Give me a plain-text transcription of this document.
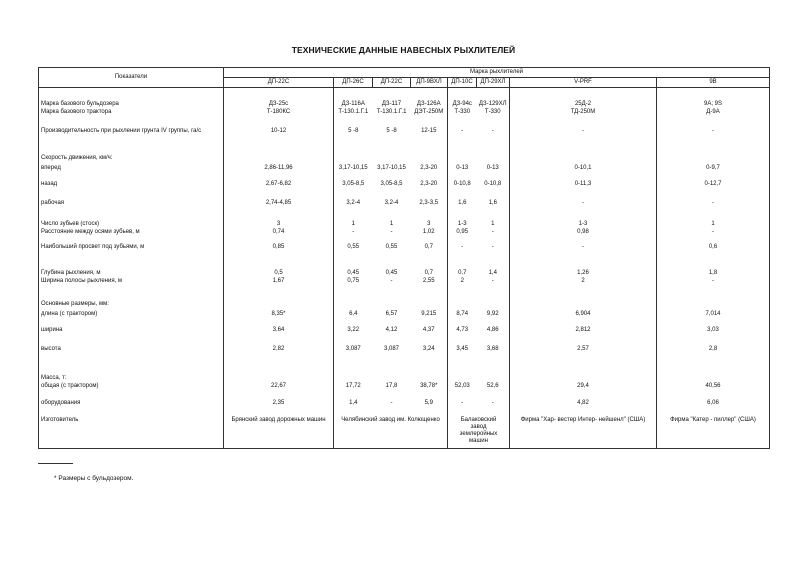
ТЕХНИЧЕСКИЕ ДАННЫЕ НАВЕСНЫХ РЫХЛИТЕЛЕЙ
Показатели	Марка рыхлителей							
	ДП-22С	ДП-26С	ДП-22С	ДП-9ВХЛ	ДП-10С	ДП-29ХЛ	V-PRF	9B
Марка базового бульдозера	ДЗ-25с	ДЗ-116А	ДЗ-117	ДЗ-126А	ДЗ-94с	ДЗ-129ХЛ	25Д-2	9А; 9S
Марка базового трактора	Т-180КС	Т-130.1.Г.1	Т-130.1.Г.1	ДЭТ-250М	Т-330	Т-330	ТД-250М	Д-9А
Производительность при рыхлении грунта IV группы, га/с	10-12	5 -8	5 -8	12-15	-	-	-	-
Скорость движения, км/ч:								
вперед	2,86-11,96	3,17-10,15	3,17-10,15	2,3-20	0-13	0-13	0-10,1	0-9,7
назад	2,67-6,82	3,05-8,5	3,05-8,5	2,3-20	0-10,8	0-10,8	0-11,3	0-12,7
рабочая	2,74-4,85	3,2-4	3,2-4	2,3-3,5	1,6	1,6	-	-
Число зубьев (стоск)	3	1	1	3	1-3	1	1-3	1
Расстояние между осями зубьев, м	0,74	-	-	1,02	0,95	-	0,98	-
Наибольший просвет под зубьями, м	0,85	0,55	0,55	0,7	-	-	-	0,6
Глубина рыхления, м	0,5	0,45	0,45	0,7	0,7	1,4	1,26	1,8
Ширина полосы рыхления, м	1,67	0,75	-	2,55	2	-	2	-
Основные размеры, мм:								
длина (с трактором)	8,35*	6,4	6,57	9,215	8,74	9,92	6,904	7,014
ширина	3,64	3,22	4,12	4,37	4,73	4,86	2,812	3,03
высота	2,82	3,087	3,087	3,24	3,45	3,68	2,57	2,8
Масса, т:								
общая (с трактором)	22,67	17,72	17,8	38,78*	52,03	52,6	29,4	40,56
оборудования	2,35	1,4	-	5,9	-	-	4,82	6,06
Изготовитель	Брянский завод дорожных машин	Челябинский завод им. Колющенко			Балаковский завод землеройных машин		Фирма "Хар- вестер Интер- нейшенл" (США)	Фирма "Катер - пиллер" (США)
* Размеры с бульдозером.
